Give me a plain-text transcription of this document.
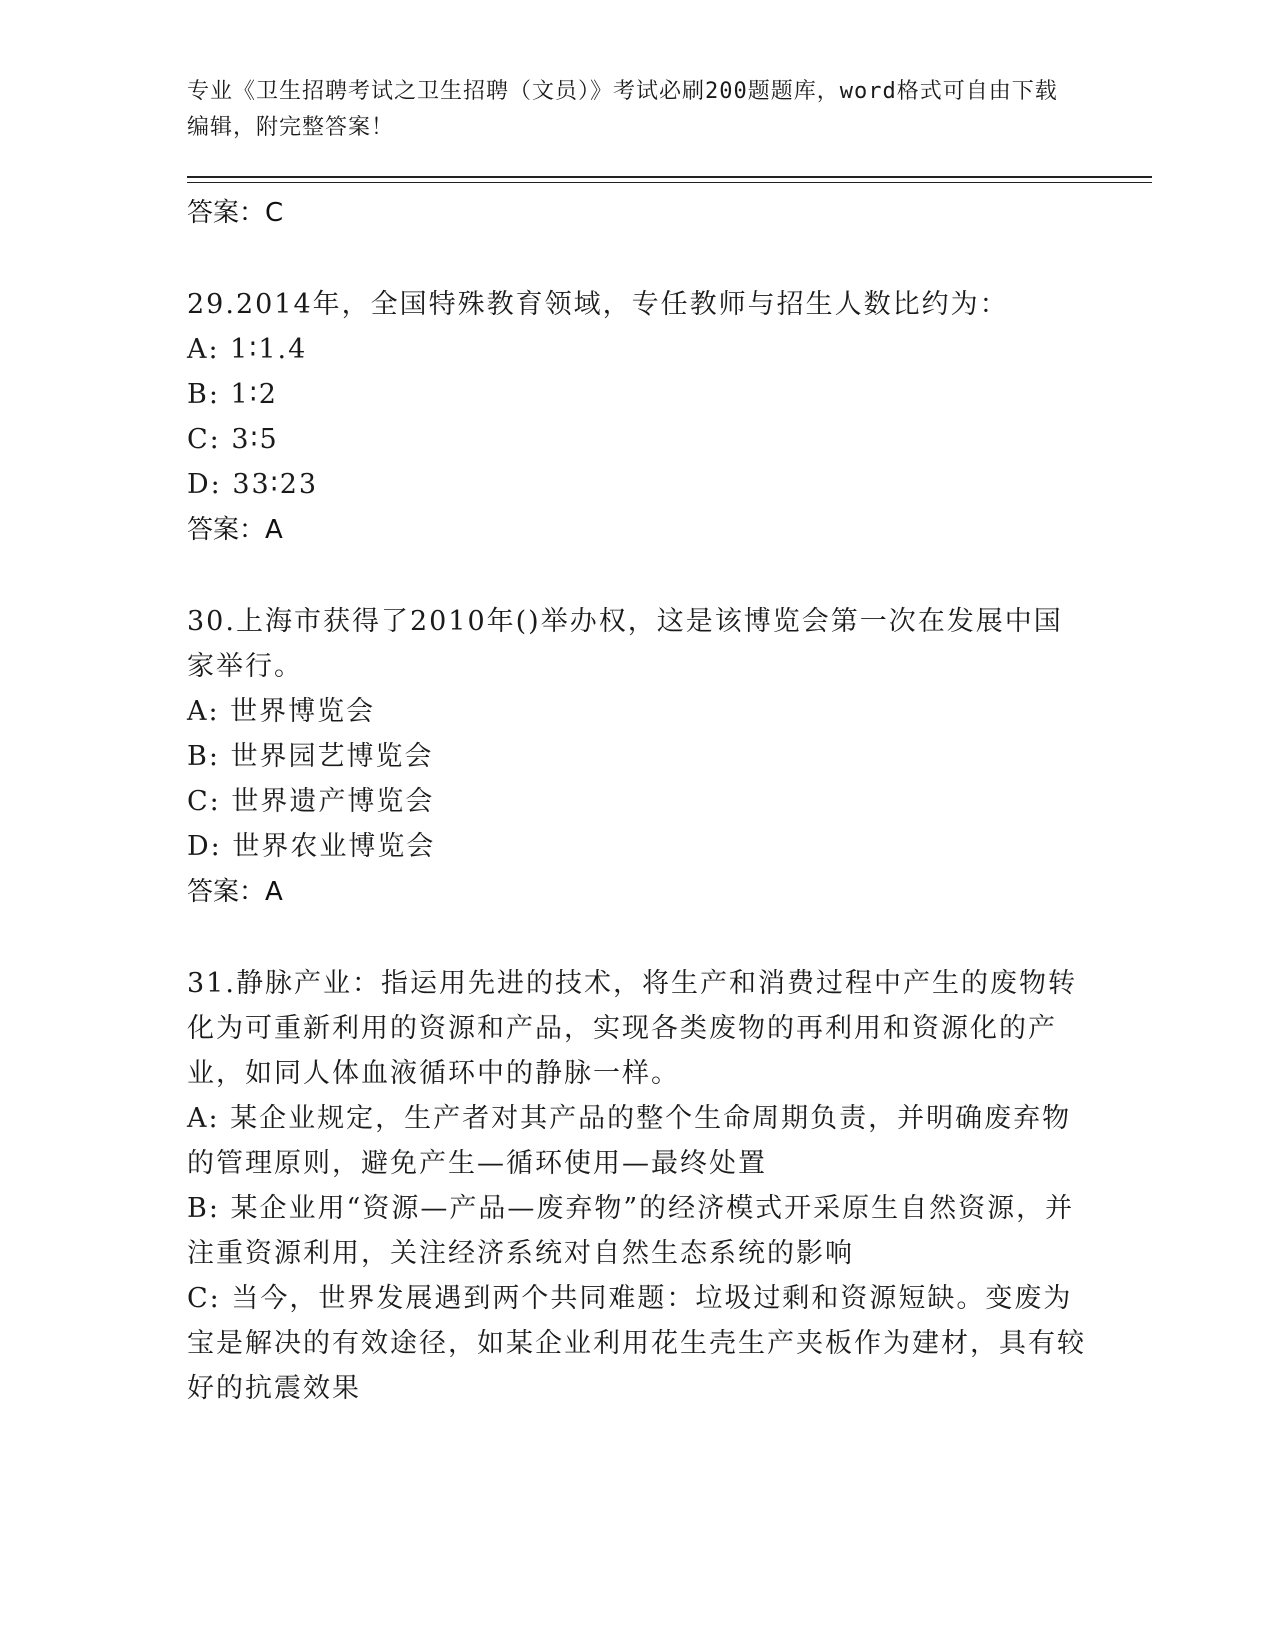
专业《卫生招聘考试之卫生招聘（文员）》考试必刷200题题库，word格式可自由下载编辑，附完整答案！

答案：C

29.2014年，全国特殊教育领域，专任教师与招生人数比约为：

A: 1∶1.4

B: 1∶2

C: 3∶5

D: 33∶23

答案：A

30.上海市获得了2010年()举办权，这是该博览会第一次在发展中国家举行。

A: 世界博览会

B: 世界园艺博览会

C: 世界遗产博览会

D: 世界农业博览会

答案：A

31.静脉产业：指运用先进的技术，将生产和消费过程中产生的废物转化为可重新利用的资源和产品，实现各类废物的再利用和资源化的产业，如同人体血液循环中的静脉一样。

A: 某企业规定，生产者对其产品的整个生命周期负责，并明确废弃物的管理原则，避免产生—循环使用—最终处置

B: 某企业用“资源—产品—废弃物”的经济模式开采原生自然资源，并注重资源利用，关注经济系统对自然生态系统的影响

C: 当今，世界发展遇到两个共同难题：垃圾过剩和资源短缺。变废为宝是解决的有效途径，如某企业利用花生壳生产夹板作为建材，具有较好的抗震效果
